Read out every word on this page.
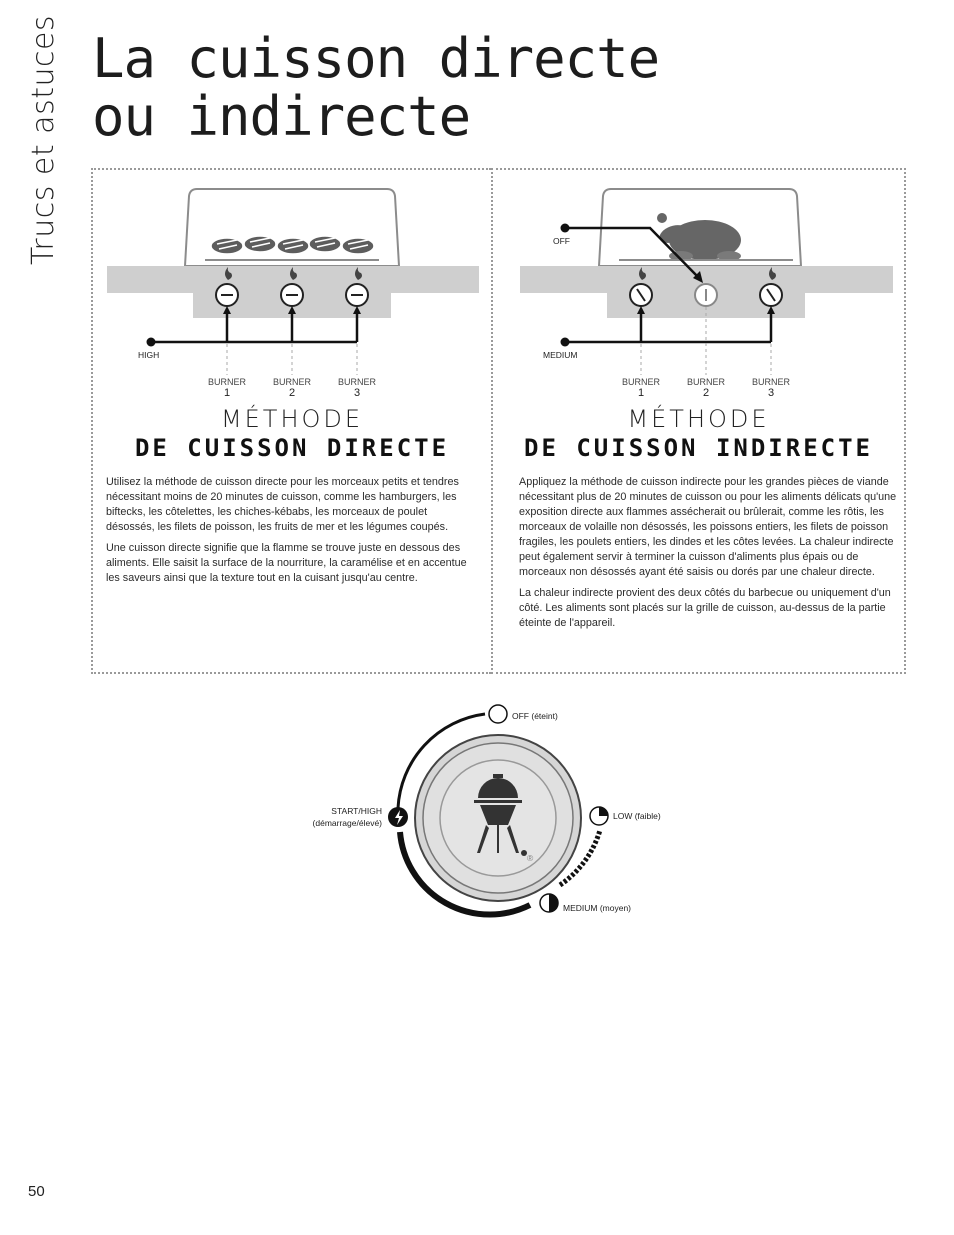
Trucs et astuces La cuisson directe
ou indirecte
HIGH
BURNER
1
BURNER
2
BURNER
3
MÉTHODE
DE CUISSON DIRECTE

Utilisez la méthode de cuisson directe pour les morceaux petits et tendres nécessitant moins de 20 minutes de cuisson, comme les hamburgers, les biftecks, les côtelettes, les chiches-kébabs, les morceaux de poulet désossés, les filets de poisson, les fruits de mer et les légumes coupés.

Une cuisson directe signifie que la flamme se trouve juste en dessous des aliments. Elle saisit la surface de la nourriture, la caramélise et en accentue les saveurs ainsi que la texture tout en la cuisant jusqu'au centre.

OFF
MEDIUM
BURNER
1
BURNER
2
BURNER
3
MÉTHODE
DE CUISSON INDIRECTE

Appliquez la méthode de cuisson indirecte pour les grandes pièces de viande nécessitant plus de 20 minutes de cuisson ou pour les aliments délicats qu'une exposition directe aux flammes assécherait ou brûlerait, comme les rôtis, les morceaux de volaille non désossés, les poissons entiers, les filets de poisson fragiles, les poulets entiers, les dindes et les côtes levées. La chaleur indirecte peut également servir à terminer la cuisson d'aliments plus épais ou de morceaux non désossés ayant été saisis ou dorés par une chaleur directe.

La chaleur indirecte provient des deux côtés du barbecue ou uniquement d'un côté. Les aliments sont placés sur la grille de cuisson, au-dessus de la partie éteinte de l'appareil.

OFF (éteint)
START/HIGH
(démarrage/élevé)
LOW (faible)
MEDIUM (moyen)
®
50
